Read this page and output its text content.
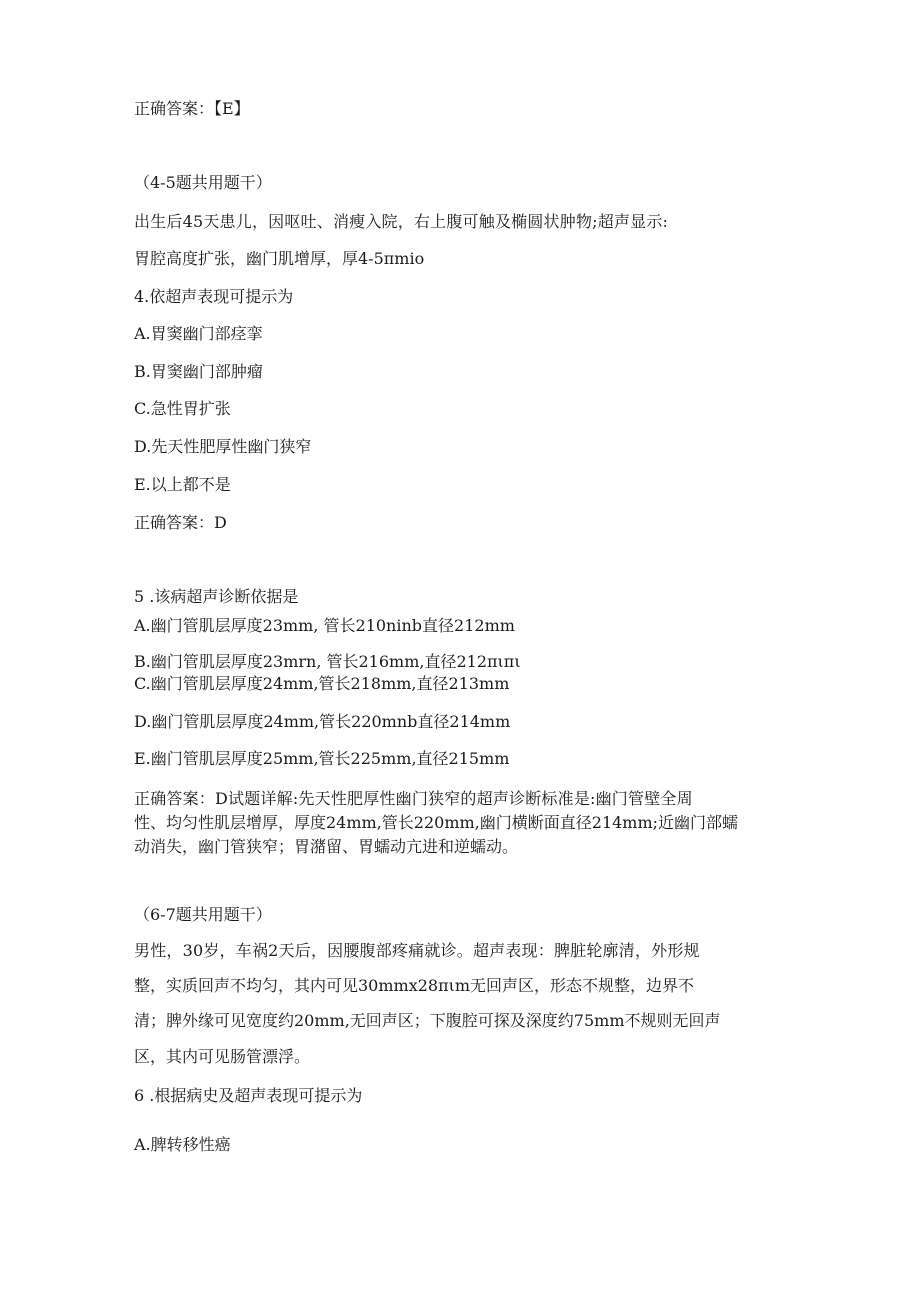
正确答案：【E】
（4-5题共用题干）
出生后45天患儿，因呕吐、消瘦入院，右上腹可触及椭圆状肿物;超声显示:
胃腔高度扩张，幽门肌增厚，厚4-5πmio
4.依超声表现可提示为
A.胃窦幽门部痉挛
B.胃窦幽门部肿瘤
C.急性胃扩张
D.先天性肥厚性幽门狭窄
E.以上都不是
正确答案：D
5 .该病超声诊断依据是
A.幽门管肌层厚度23mm, 管长210ninb直径212mm
B.幽门管肌层厚度23mrn, 管长216mm,直径212πιπι
C.幽门管肌层厚度24mm,管长218mm,直径213mm
D.幽门管肌层厚度24mm,管长220mnb直径214mm
E.幽门管肌层厚度25mm,管长225mm,直径215mm
正确答案：D试题详解:先天性肥厚性幽门狭窄的超声诊断标准是:幽门管壁全周
性、均匀性肌层增厚，厚度24mm,管长220mm,幽门横断面直径214mm;近幽门部蠕
动消失，幽门管狭窄；胃潴留、胃蠕动亢进和逆蠕动。
（6-7题共用题干）
男性，30岁，车祸2天后，因腰腹部疼痛就诊。超声表现：脾脏轮廓清，外形规
整，实质回声不均匀，其内可见30mmx28πιm无回声区，形态不规整，边界不
清；脾外缘可见宽度约20mm,无回声区；下腹腔可探及深度约75mm不规则无回声
区，其内可见肠管漂浮。
6 .根据病史及超声表现可提示为
A.脾转移性癌
